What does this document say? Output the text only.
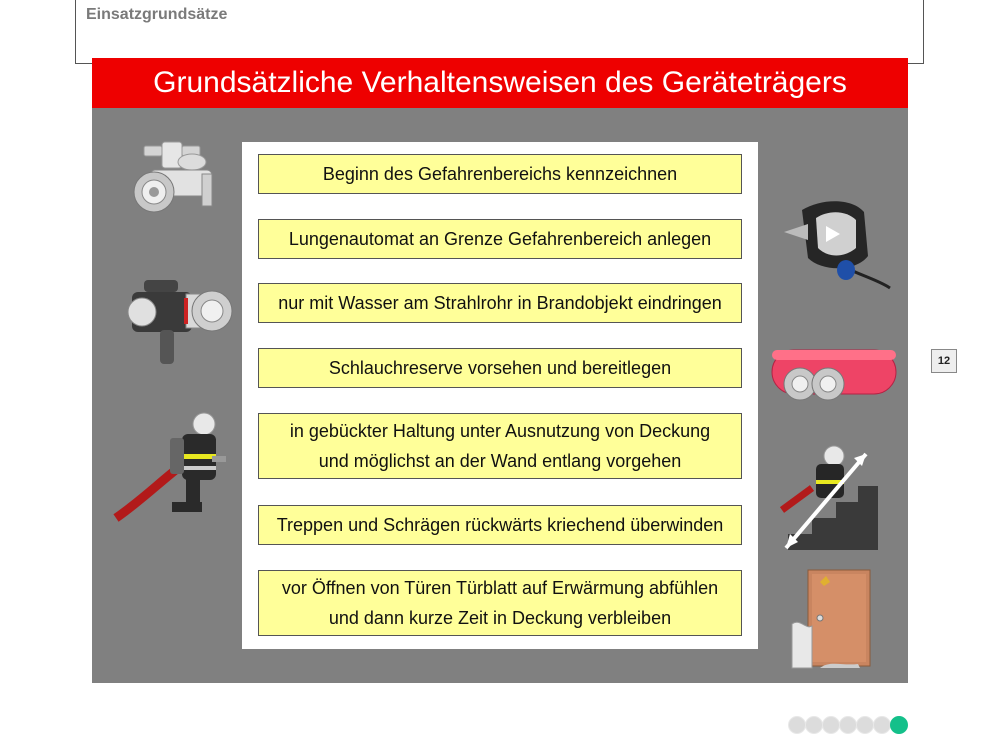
Einsatzgrundsätze
Grundsätzliche Verhaltensweisen des Geräteträgers
Beginn des Gefahrenbereichs kennzeichnen
Lungenautomat an Grenze Gefahrenbereich anlegen
nur mit Wasser am Strahlrohr in Brandobjekt eindringen
Schlauchreserve vorsehen und bereitlegen
in gebückter Haltung unter Ausnutzung von Deckung
und möglichst an der Wand entlang vorgehen
Treppen und Schrägen rückwärts kriechend überwinden
vor Öffnen von Türen Türblatt auf Erwärmung abfühlen
und dann kurze Zeit in Deckung verbleiben
12
